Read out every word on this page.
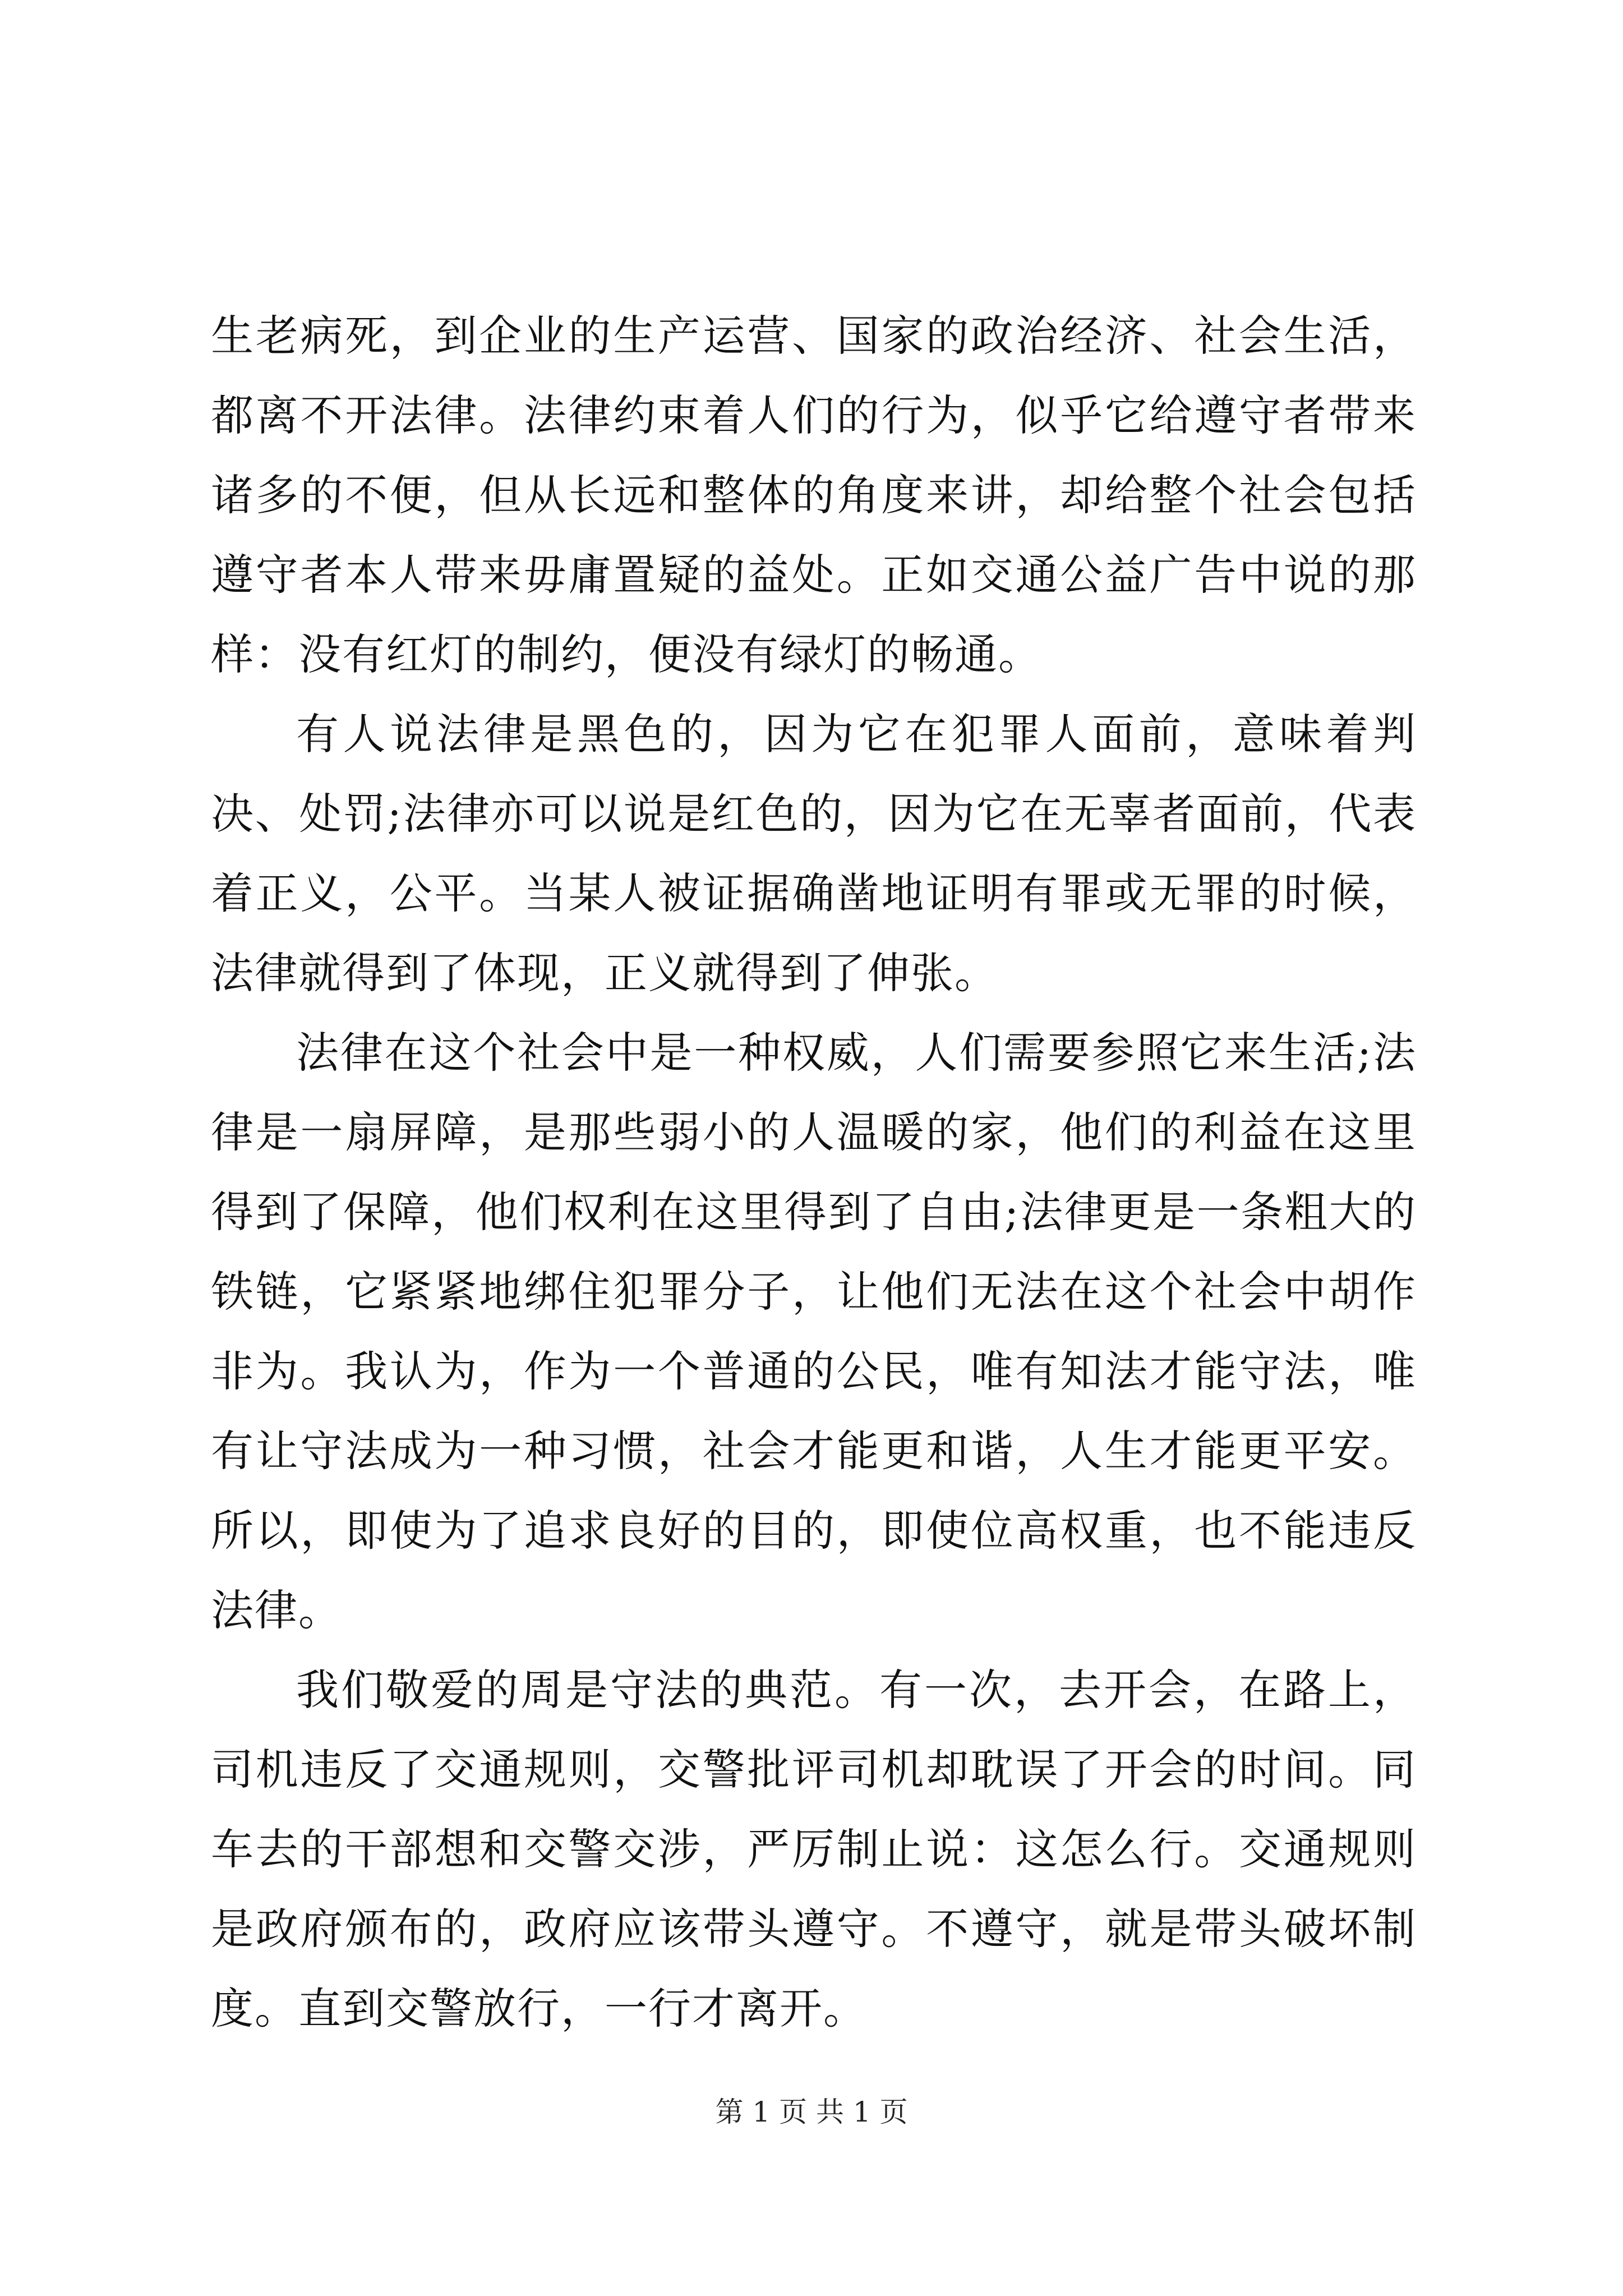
生老病死，到企业的生产运营、国家的政治经济、社会生活，都离不开法律。法律约束着人们的行为，似乎它给遵守者带来诸多的不便，但从长远和整体的角度来讲，却给整个社会包括遵守者本人带来毋庸置疑的益处。正如交通公益广告中说的那样：没有红灯的制约，便没有绿灯的畅通。

有人说法律是黑色的，因为它在犯罪人面前，意味着判决、处罚;法律亦可以说是红色的，因为它在无辜者面前，代表着正义，公平。当某人被证据确凿地证明有罪或无罪的时候，法律就得到了体现，正义就得到了伸张。

法律在这个社会中是一种权威，人们需要参照它来生活;法律是一扇屏障，是那些弱小的人温暖的家，他们的利益在这里得到了保障，他们权利在这里得到了自由;法律更是一条粗大的铁链，它紧紧地绑住犯罪分子，让他们无法在这个社会中胡作非为。我认为，作为一个普通的公民，唯有知法才能守法，唯有让守法成为一种习惯，社会才能更和谐，人生才能更平安。所以，即使为了追求良好的目的，即使位高权重，也不能违反法律。

我们敬爱的周是守法的典范。有一次，去开会，在路上，司机违反了交通规则，交警批评司机却耽误了开会的时间。同车去的干部想和交警交涉，严厉制止说：这怎么行。交通规则是政府颁布的，政府应该带头遵守。不遵守，就是带头破坏制度。直到交警放行，一行才离开。

第 1 页 共 1 页
